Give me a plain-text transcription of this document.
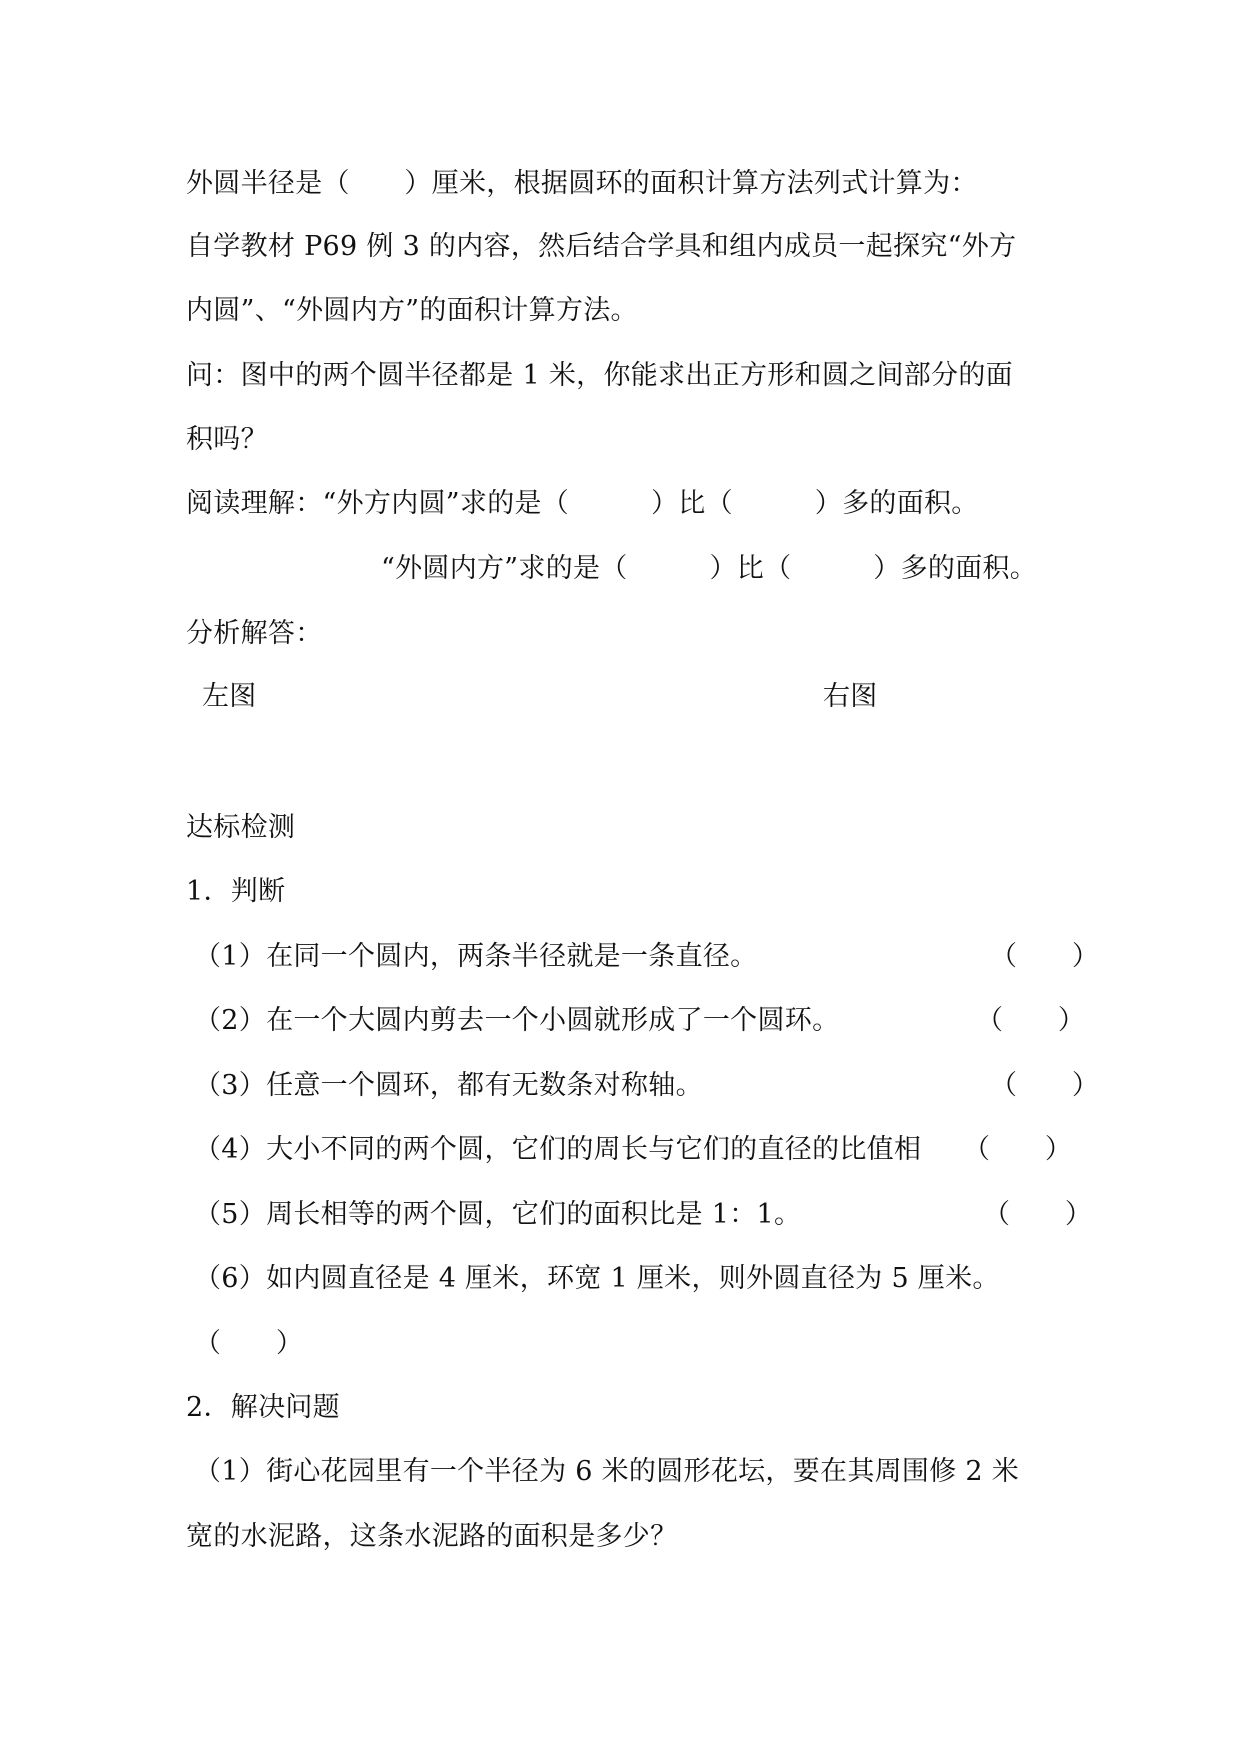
外圆半径是（　　）厘米，根据圆环的面积计算方法列式计算为：
自学教材 P69 例 3 的内容，然后结合学具和组内成员一起探究“外方
内圆”、“外圆内方”的面积计算方法。
问：图中的两个圆半径都是 1 米，你能求出正方形和圆之间部分的面
积吗？
阅读理解：“外方内圆”求的是（　　　）比（　　　）多的面积。
“外圆内方”求的是（　　　）比（　　　）多的面积。
分析解答：
左图	右图
达标检测
1．判断
（1）在同一个圆内，两条半径就是一条直径。	（　　）
（2）在一个大圆内剪去一个小圆就形成了一个圆环。	（　　）
（3）任意一个圆环，都有无数条对称轴。	（　　）
（4）大小不同的两个圆，它们的周长与它们的直径的比值相 （　　）
（5）周长相等的两个圆，它们的面积比是 1：1。	（　　）
（6）如内圆直径是 4 厘米，环宽 1 厘米，则外圆直径为 5 厘米。
（　　）
2．解决问题
（1）街心花园里有一个半径为 6 米的圆形花坛，要在其周围修 2 米
宽的水泥路，这条水泥路的面积是多少？
